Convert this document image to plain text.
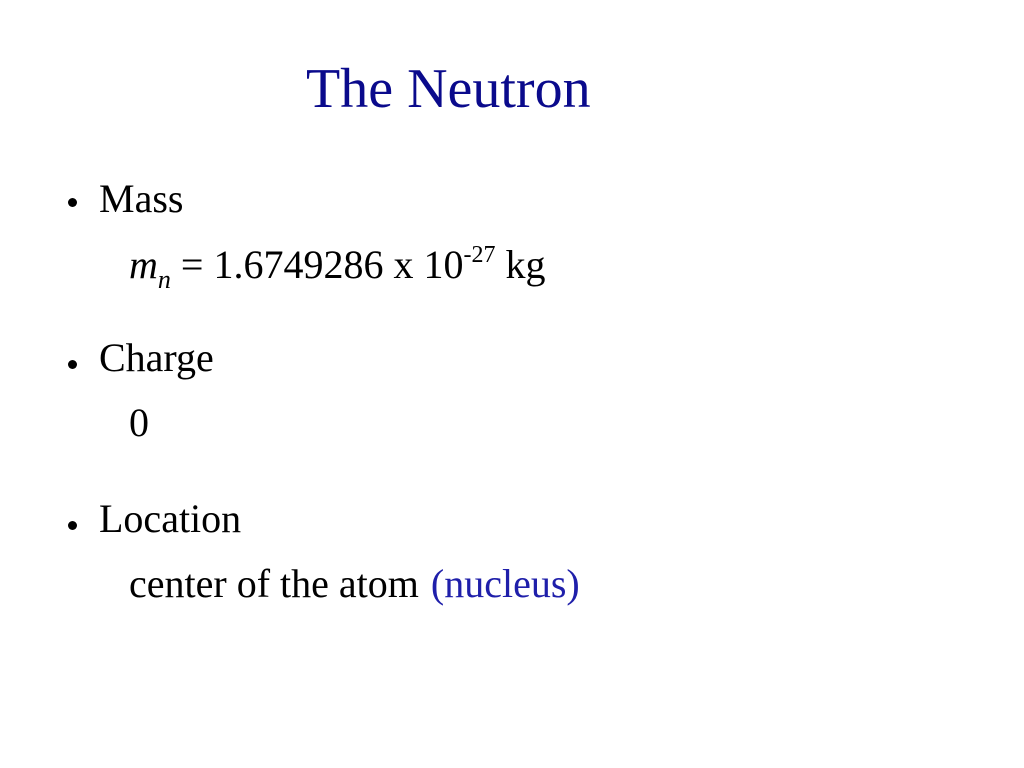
The Neutron
Mass
$m_n = 1.6749286$ x $10^{-27}$ kg
Charge
0
Location
center of the atom (nucleus)
